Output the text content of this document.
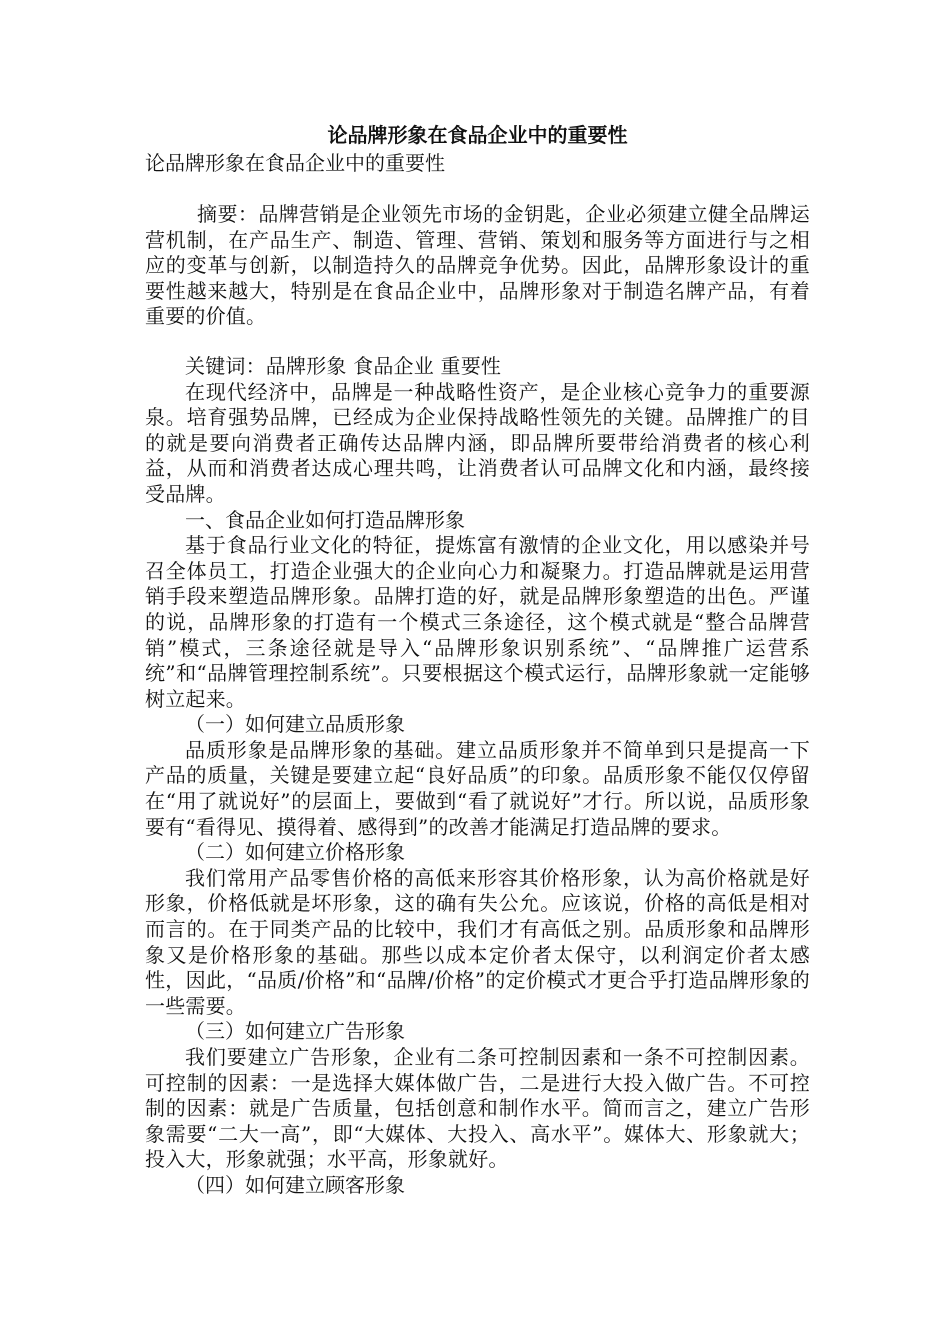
论品牌形象在食品企业中的重要性

论品牌形象在食品企业中的重要性

摘要：品牌营销是企业领先市场的金钥匙，企业必须建立健全品牌运营机制，在产品生产、制造、管理、营销、策划和服务等方面进行与之相应的变革与创新，以制造持久的品牌竞争优势。因此，品牌形象设计的重要性越来越大，特别是在食品企业中，品牌形象对于制造名牌产品，有着重要的价值。

关键词：品牌形象 食品企业 重要性

在现代经济中，品牌是一种战略性资产，是企业核心竞争力的重要源泉。培育强势品牌，已经成为企业保持战略性领先的关键。品牌推广的目的就是要向消费者正确传达品牌内涵，即品牌所要带给消费者的核心利益，从而和消费者达成心理共鸣，让消费者认可品牌文化和内涵，最终接受品牌。

一、食品企业如何打造品牌形象

基于食品行业文化的特征，提炼富有激情的企业文化，用以感染并号召全体员工，打造企业强大的企业向心力和凝聚力。打造品牌就是运用营销手段来塑造品牌形象。品牌打造的好，就是品牌形象塑造的出色。严谨的说，品牌形象的打造有一个模式三条途径，这个模式就是“整合品牌营销”模式，三条途径就是导入“品牌形象识别系统”、“品牌推广运营系统”和“品牌管理控制系统”。只要根据这个模式运行，品牌形象就一定能够树立起来。

（一）如何建立品质形象

品质形象是品牌形象的基础。建立品质形象并不简单到只是提高一下产品的质量，关键是要建立起“良好品质”的印象。品质形象不能仅仅停留在“用了就说好”的层面上，要做到“看了就说好”才行。所以说，品质形象要有“看得见、摸得着、感得到”的改善才能满足打造品牌的要求。

（二）如何建立价格形象

我们常用产品零售价格的高低来形容其价格形象，认为高价格就是好形象，价格低就是坏形象，这的确有失公允。应该说，价格的高低是相对而言的。在于同类产品的比较中，我们才有高低之别。品质形象和品牌形象又是价格形象的基础。那些以成本定价者太保守，以利润定价者太感性，因此，“品质/价格”和“品牌/价格”的定价模式才更合乎打造品牌形象的一些需要。

（三）如何建立广告形象

我们要建立广告形象，企业有二条可控制因素和一条不可控制因素。可控制的因素：一是选择大媒体做广告，二是进行大投入做广告。不可控制的因素：就是广告质量，包括创意和制作水平。简而言之，建立广告形象需要“二大一高”，即“大媒体、大投入、高水平”。媒体大、形象就大；投入大，形象就强；水平高，形象就好。

（四）如何建立顾客形象
